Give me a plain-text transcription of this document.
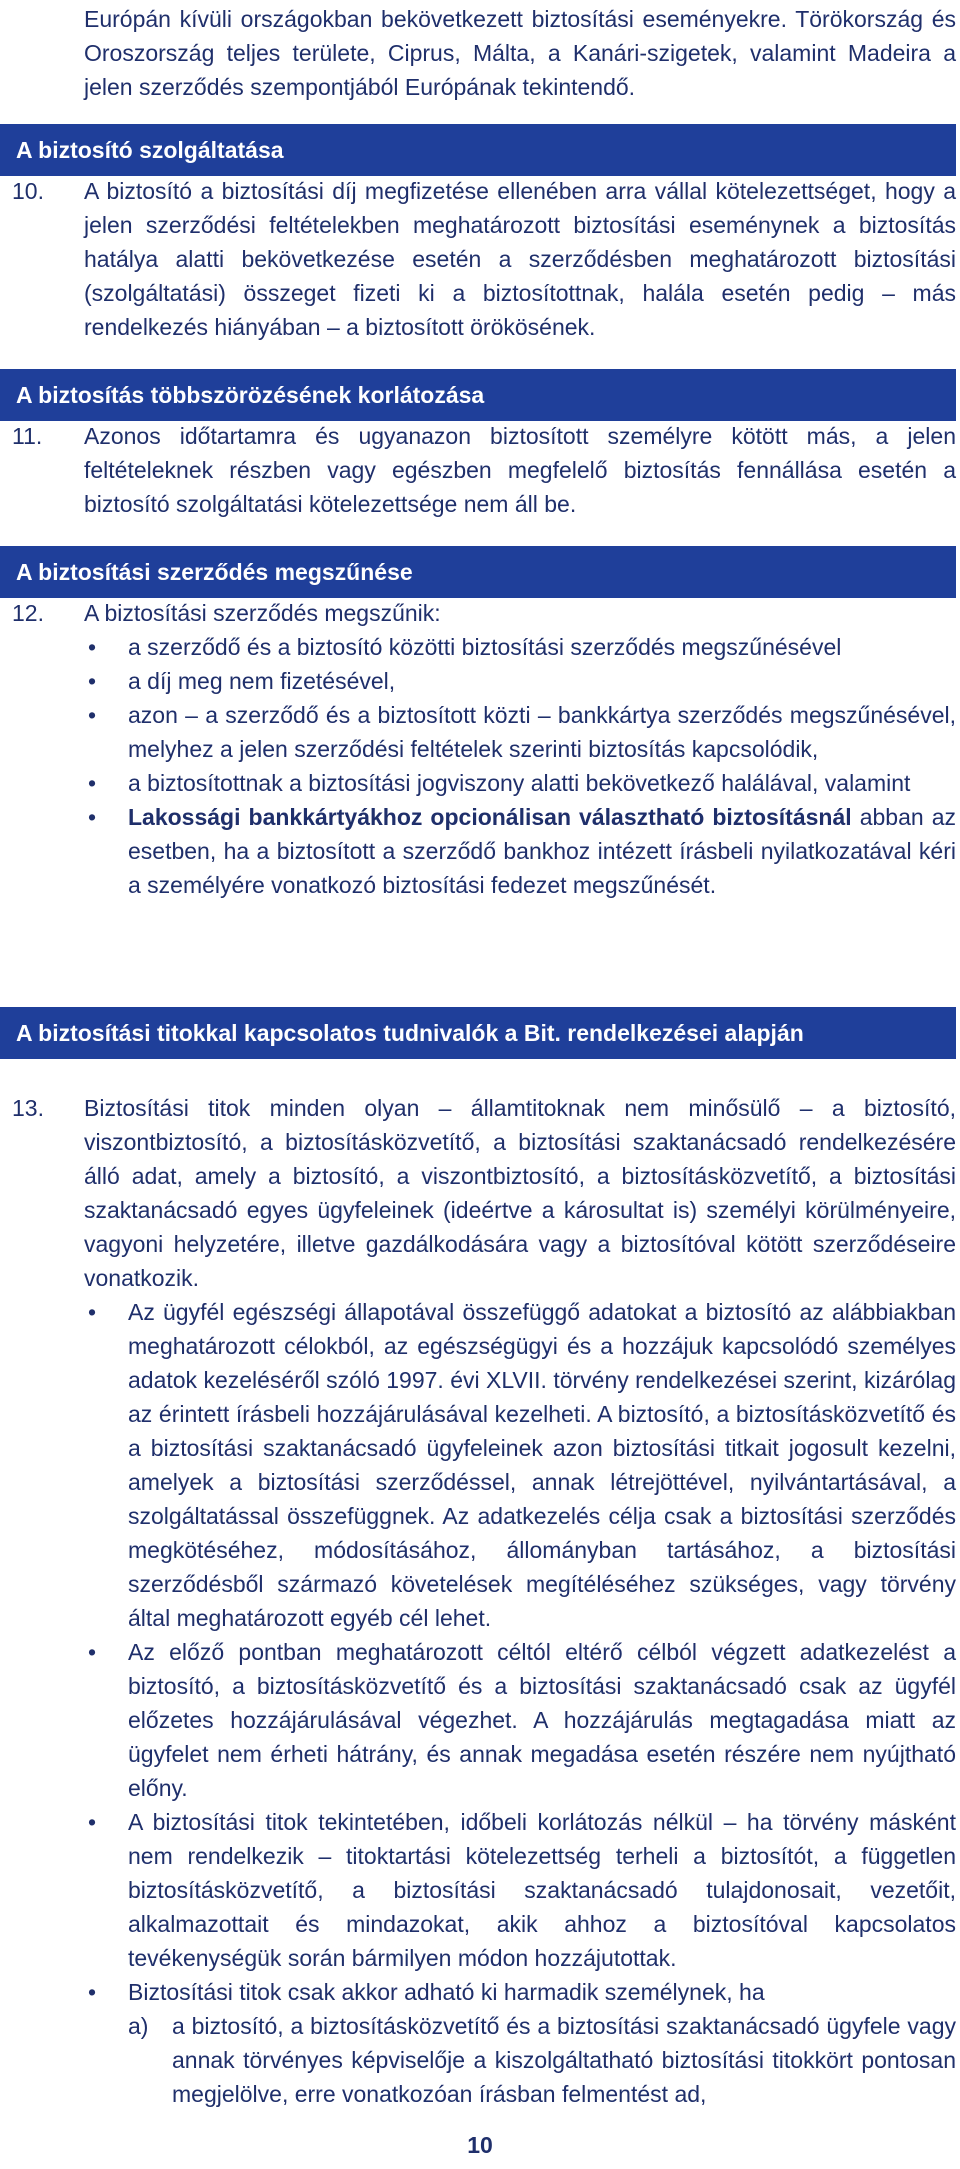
Európán kívüli országokban bekövetkezett biztosítási eseményekre. Törökország és Oroszország teljes területe, Ciprus, Málta, a Kanári-szigetek, valamint Madeira a jelen szerződés szempontjából Európának tekintendő.

A biztosító szolgáltatása
10.	A biztosító a biztosítási díj megfizetése ellenében arra vállal kötelezettséget, hogy a jelen szerződési feltételekben meghatározott biztosítási eseménynek a biztosítás hatálya alatti bekövetkezése esetén a szerződésben meghatározott biztosítási (szolgáltatási) összeget fizeti ki a biztosítottnak, halála esetén pedig – más rendelkezés hiányában – a biztosított örökösének.

A biztosítás többszörözésének korlátozása
11.	Azonos időtartamra és ugyanazon biztosított személyre kötött más, a jelen feltételeknek részben vagy egészben megfelelő biztosítás fennállása esetén a biztosító szolgáltatási kötelezettsége nem áll be.

A biztosítási szerződés megszűnése
12.	A biztosítási szerződés megszűnik:

• a szerződő és a biztosító közötti biztosítási szerződés megszűnésével
• a díj meg nem fizetésével,
• azon – a szerződő és a biztosított közti – bankkártya szerződés megszűnésével, melyhez a jelen szerződési feltételek szerinti biztosítás kapcsolódik,
• a biztosítottnak a biztosítási jogviszony alatti bekövetkező halálával, valamint
• Lakossági bankkártyákhoz opcionálisan választható biztosításnál abban az esetben, ha a biztosított a szerződő bankhoz intézett írásbeli nyilatkozatával kéri a személyére vonatkozó biztosítási fedezet megszűnését.
A biztosítási titokkal kapcsolatos tudnivalók a Bit. rendelkezései alapján
13.	Biztosítási titok minden olyan – államtitoknak nem minősülő – a biztosító, viszontbiztosító, a biztosításközvetítő, a biztosítási szaktanácsadó rendelkezésére álló adat, amely a biztosító, a viszontbiztosító, a biztosításközvetítő, a biztosítási szaktanácsadó egyes ügyfeleinek (ideértve a károsultat is) személyi körülményeire, vagyoni helyzetére, illetve gazdálkodására vagy a biztosítóval kötött szerződéseire vonatkozik.

• Az ügyfél egészségi állapotával összefüggő adatokat a biztosító az alábbiakban meghatározott célokból, az egészségügyi és a hozzájuk kapcsolódó személyes adatok kezeléséről szóló 1997. évi XLVII. törvény rendelkezései szerint, kizárólag az érintett írásbeli hozzájárulásával kezelheti. A biztosító, a biztosításközvetítő és a biztosítási szaktanácsadó ügyfeleinek azon biztosítási titkait jogosult kezelni, amelyek a biztosítási szerződéssel, annak létrejöttével, nyilvántartásával, a szolgáltatással összefüggnek. Az adatkezelés célja csak a biztosítási szerződés megkötéséhez, módosításához, állományban tartásához, a biztosítási szerződésből származó követelések megítéléséhez szükséges, vagy törvény által meghatározott egyéb cél lehet.
• Az előző pontban meghatározott céltól eltérő célból végzett adatkezelést a biztosító, a biztosításközvetítő és a biztosítási szaktanácsadó csak az ügyfél előzetes hozzájárulásával végezhet. A hozzájárulás megtagadása miatt az ügyfelet nem érheti hátrány, és annak megadása esetén részére nem nyújtható előny.
• A biztosítási titok tekintetében, időbeli korlátozás nélkül – ha törvény másként nem rendelkezik – titoktartási kötelezettség terheli a biztosítót, a független biztosításközvetítő, a biztosítási szaktanácsadó tulajdonosait, vezetőit, alkalmazottait és mindazokat, akik ahhoz a biztosítóval kapcsolatos tevékenységük során bármilyen módon hozzájutottak.
• Biztosítási titok csak akkor adható ki harmadik személynek, ha
a) a biztosító, a biztosításközvetítő és a biztosítási szaktanácsadó ügyfele vagy annak törvényes képviselője a kiszolgáltatható biztosítási titokkört pontosan megjelölve, erre vonatkozóan írásban felmentést ad,
10
